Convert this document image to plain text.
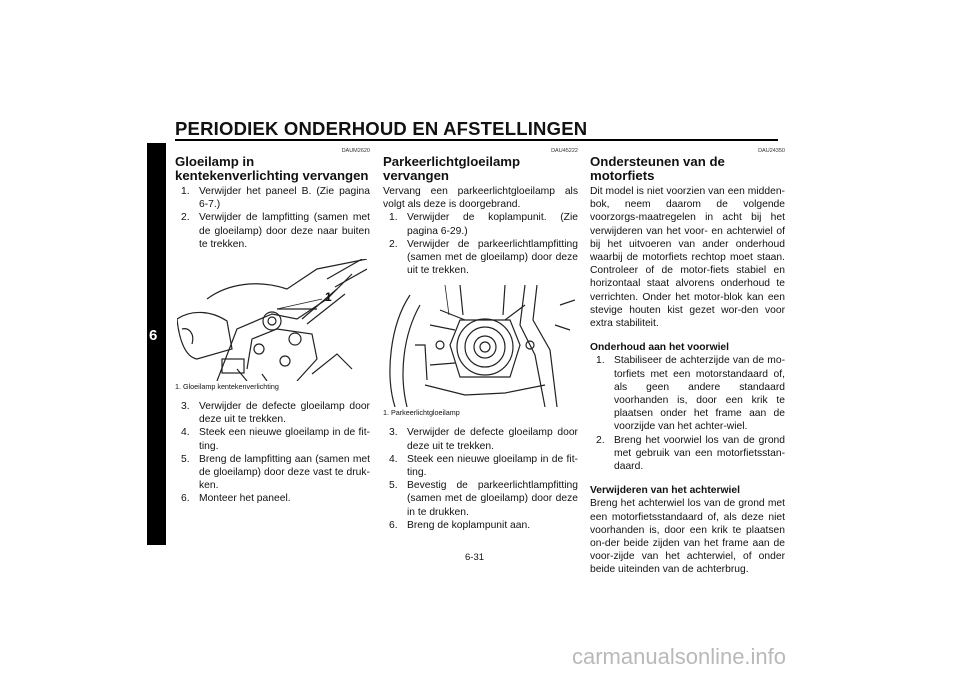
PERIODIEK ONDERHOUD EN AFSTELLINGEN
6
DAUM2620
Gloeilamp in kentekenverlichting vervangen
1. Verwijder het paneel B. (Zie pagina 6-7.)
2. Verwijder de lampfitting (samen met de gloeilamp) door deze naar buiten te trekken.
1
1. Gloeilamp kentekenverlichting
3. Verwijder de defecte gloeilamp door deze uit te trekken.
4. Steek een nieuwe gloeilamp in de fit-ting.
5. Breng de lampfitting aan (samen met de gloeilamp) door deze vast te druk-ken.
6. Monteer het paneel.
DAU45222
Parkeerlichtgloeilamp vervangen

Vervang een parkeerlichtgloeilamp als volgt als deze is doorgebrand.

1. Verwijder de koplampunit. (Zie pagina 6-29.)
2. Verwijder de parkeerlichtlampfitting (samen met de gloeilamp) door deze uit te trekken.
1. Parkeerlichtgloeilamp
3. Verwijder de defecte gloeilamp door deze uit te trekken.
4. Steek een nieuwe gloeilamp in de fit-ting.
5. Bevestig de parkeerlichtlampfitting (samen met de gloeilamp) door deze in te drukken.
6. Breng de koplampunit aan.
DAU24350
Ondersteunen van de motorfiets

Dit model is niet voorzien van een midden-bok, neem daarom de volgende voorzorgs-maatregelen in acht bij het verwijderen van het voor- en achterwiel of bij het uitvoeren van ander onderhoud waarbij de motorfiets rechtop moet staan. Controleer of de motor-fiets stabiel en horizontaal staat alvorens onderhoud te verrichten. Onder het motor-blok kan een stevige houten kist gezet wor-den voor extra stabiliteit.

Onderhoud aan het voorwiel
1. Stabiliseer de achterzijde van de mo-torfiets met een motorstandaard of, als geen andere standaard voorhanden is, door een krik te plaatsen onder het frame aan de voorzijde van het achter-wiel.
2. Breng het voorwiel los van de grond met gebruik van een motorfietsstan-daard.
Verwijderen van het achterwiel

Breng het achterwiel los van de grond met een motorfietsstandaard of, als deze niet voorhanden is, door een krik te plaatsen on-der beide zijden van het frame aan de voor-zijde van het achterwiel, of onder beide uiteinden van de achterbrug.

6-31
carmanualsonline.info
